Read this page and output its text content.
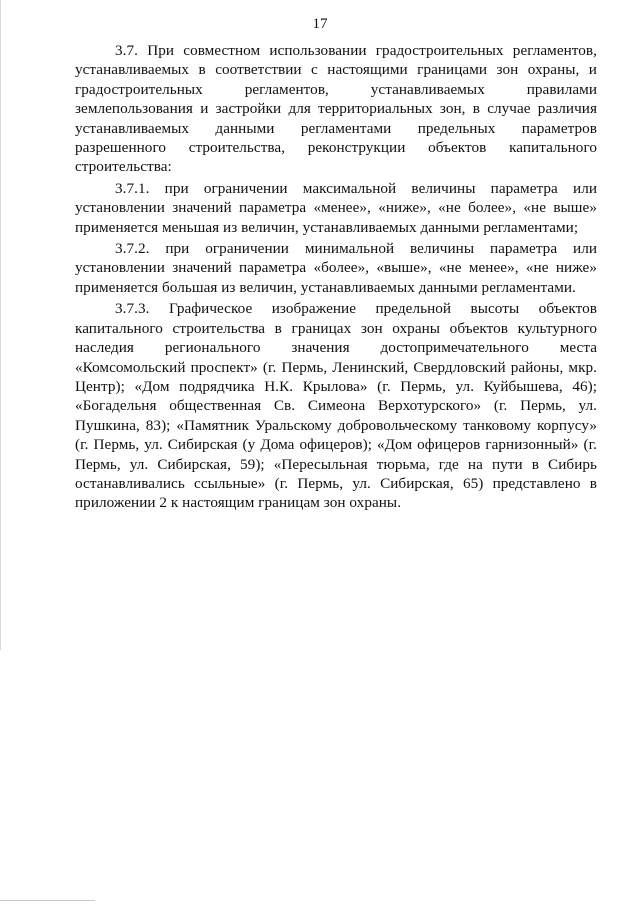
17

3.7. При совместном использовании градостроительных регламентов, устанавливаемых в соответствии с настоящими границами зон охраны, и градостроительных регламентов, устанавливаемых правилами землепользования и застройки для территориальных зон, в случае различия устанавливаемых данными регламентами предельных параметров разрешенного строительства, реконструкции объектов капитального строительства:

3.7.1. при ограничении максимальной величины параметра или установлении значений параметра «менее», «ниже», «не более», «не выше» применяется меньшая из величин, устанавливаемых данными регламентами;

3.7.2. при ограничении минимальной величины параметра или установлении значений параметра «более», «выше», «не менее», «не ниже» применяется большая из величин, устанавливаемых данными регламентами.

3.7.3. Графическое изображение предельной высоты объектов капитального строительства в границах зон охраны объектов культурного наследия регионального значения достопримечательного места «Комсомольский проспект» (г. Пермь, Ленинский, Свердловский районы, мкр. Центр); «Дом подрядчика Н.К. Крылова» (г. Пермь, ул. Куйбышева, 46); «Богадельня общественная Св. Симеона Верхотурского» (г. Пермь, ул. Пушкина, 83); «Памятник Уральскому добровольческому танковому корпусу» (г. Пермь, ул. Сибирская (у Дома офицеров); «Дом офицеров гарнизонный» (г. Пермь, ул. Сибирская, 59); «Пересыльная тюрьма, где на пути в Сибирь останавливались ссыльные» (г. Пермь, ул. Сибирская, 65) представлено в приложении 2 к настоящим границам зон охраны.
